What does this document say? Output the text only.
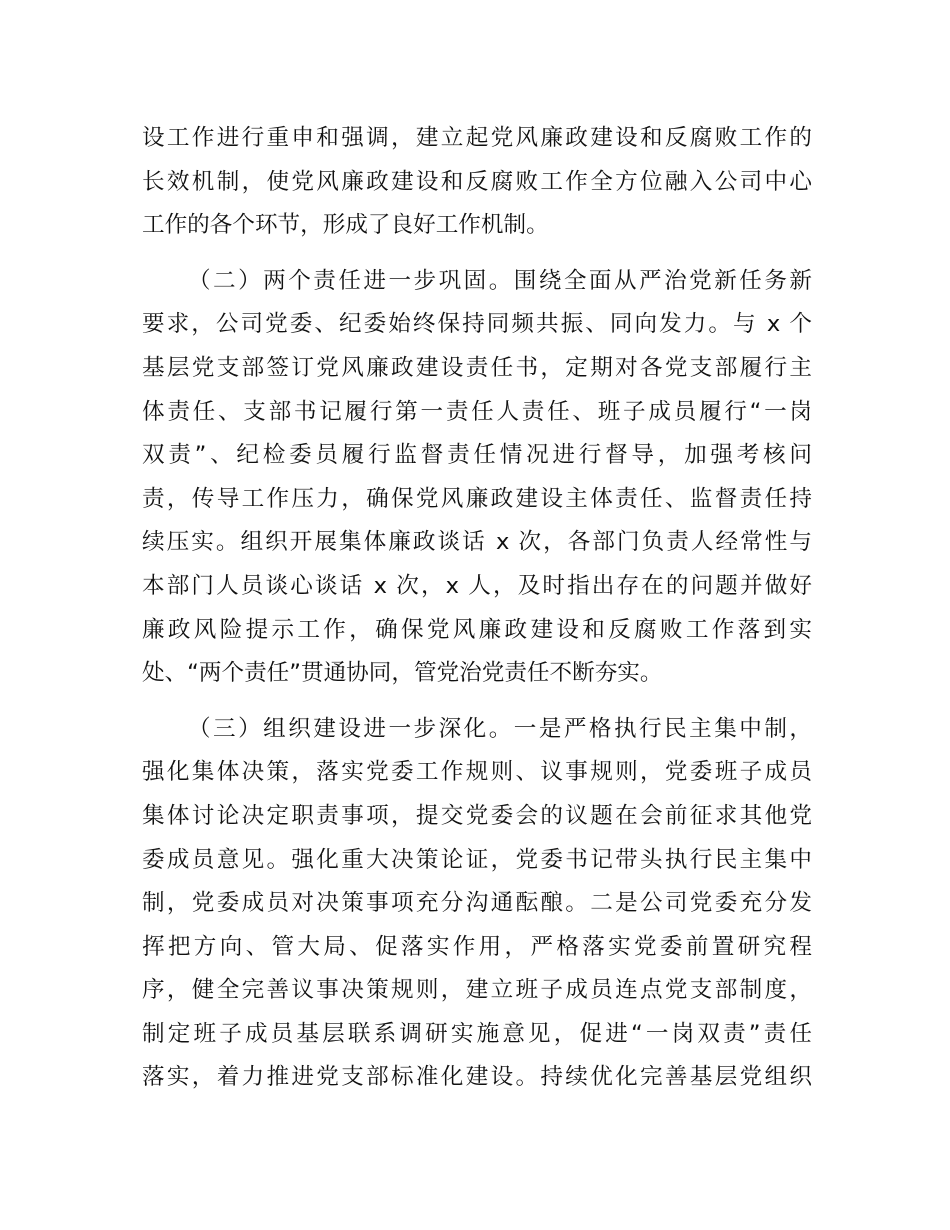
设工作进行重申和强调，建立起党风廉政建设和反腐败工作的
长效机制，使党风廉政建设和反腐败工作全方位融入公司中心
工作的各个环节，形成了良好工作机制。
（二）两个责任进一步巩固。围绕全面从严治党新任务新
要求，公司党委、纪委始终保持同频共振、同向发力。与 x 个
基层党支部签订党风廉政建设责任书，定期对各党支部履行主
体责任、支部书记履行第一责任人责任、班子成员履行“一岗
双责”、纪检委员履行监督责任情况进行督导，加强考核问
责，传导工作压力，确保党风廉政建设主体责任、监督责任持
续压实。组织开展集体廉政谈话 x 次，各部门负责人经常性与
本部门人员谈心谈话 x 次，x 人，及时指出存在的问题并做好
廉政风险提示工作，确保党风廉政建设和反腐败工作落到实
处、“两个责任”贯通协同，管党治党责任不断夯实。
（三）组织建设进一步深化。一是严格执行民主集中制，
强化集体决策，落实党委工作规则、议事规则，党委班子成员
集体讨论决定职责事项，提交党委会的议题在会前征求其他党
委成员意见。强化重大决策论证，党委书记带头执行民主集中
制，党委成员对决策事项充分沟通酝酿。二是公司党委充分发
挥把方向、管大局、促落实作用，严格落实党委前置研究程
序，健全完善议事决策规则，建立班子成员连点党支部制度，
制定班子成员基层联系调研实施意见，促进“一岗双责”责任
落实，着力推进党支部标准化建设。持续优化完善基层党组织
